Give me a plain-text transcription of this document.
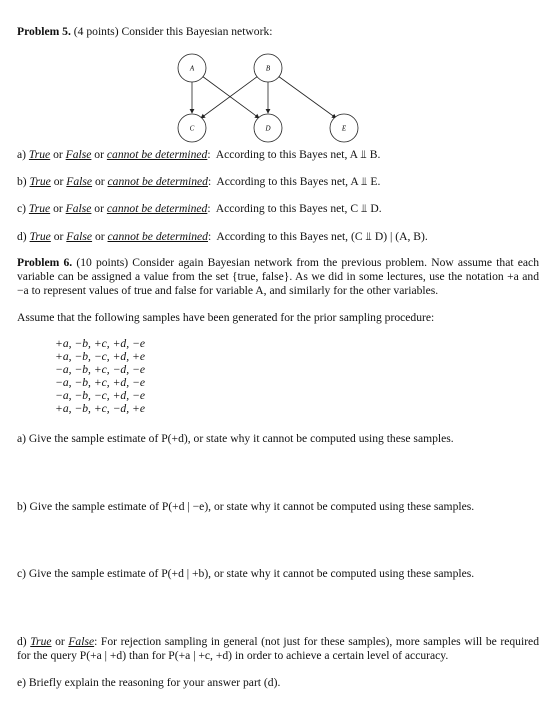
Problem 5. (4 points) Consider this Bayesian network:
A	B
C	D	E
a) True or False or cannot be determined: According to this Bayes net, A ⫫ B.
b) True or False or cannot be determined: According to this Bayes net, A ⫫ E.
c) True or False or cannot be determined: According to this Bayes net, C ⫫ D.
d) True or False or cannot be determined: According to this Bayes net, (C ⫫ D) | (A, B).
Problem 6. (10 points) Consider again Bayesian network from the previous problem. Now assume that each variable can be assigned a value from the set {true, false}. As we did in some lectures, use the notation +a and −a to represent values of true and false for variable A, and similarly for the other variables.
Assume that the following samples have been generated for the prior sampling procedure:
+a, −b, +c, +d, −e
+a, −b, −c, +d, +e
−a, −b, +c, −d, −e
−a, −b, +c, +d, −e
−a, −b, −c, +d, −e
+a, −b, +c, −d, +e
a) Give the sample estimate of P(+d), or state why it cannot be computed using these samples.
b) Give the sample estimate of P(+d | −e), or state why it cannot be computed using these samples.
c) Give the sample estimate of P(+d | +b), or state why it cannot be computed using these samples.
d) True or False: For rejection sampling in general (not just for these samples), more samples will be required for the query P(+a | +d) than for P(+a | +c, +d) in order to achieve a certain level of accuracy.
e) Briefly explain the reasoning for your answer part (d).
